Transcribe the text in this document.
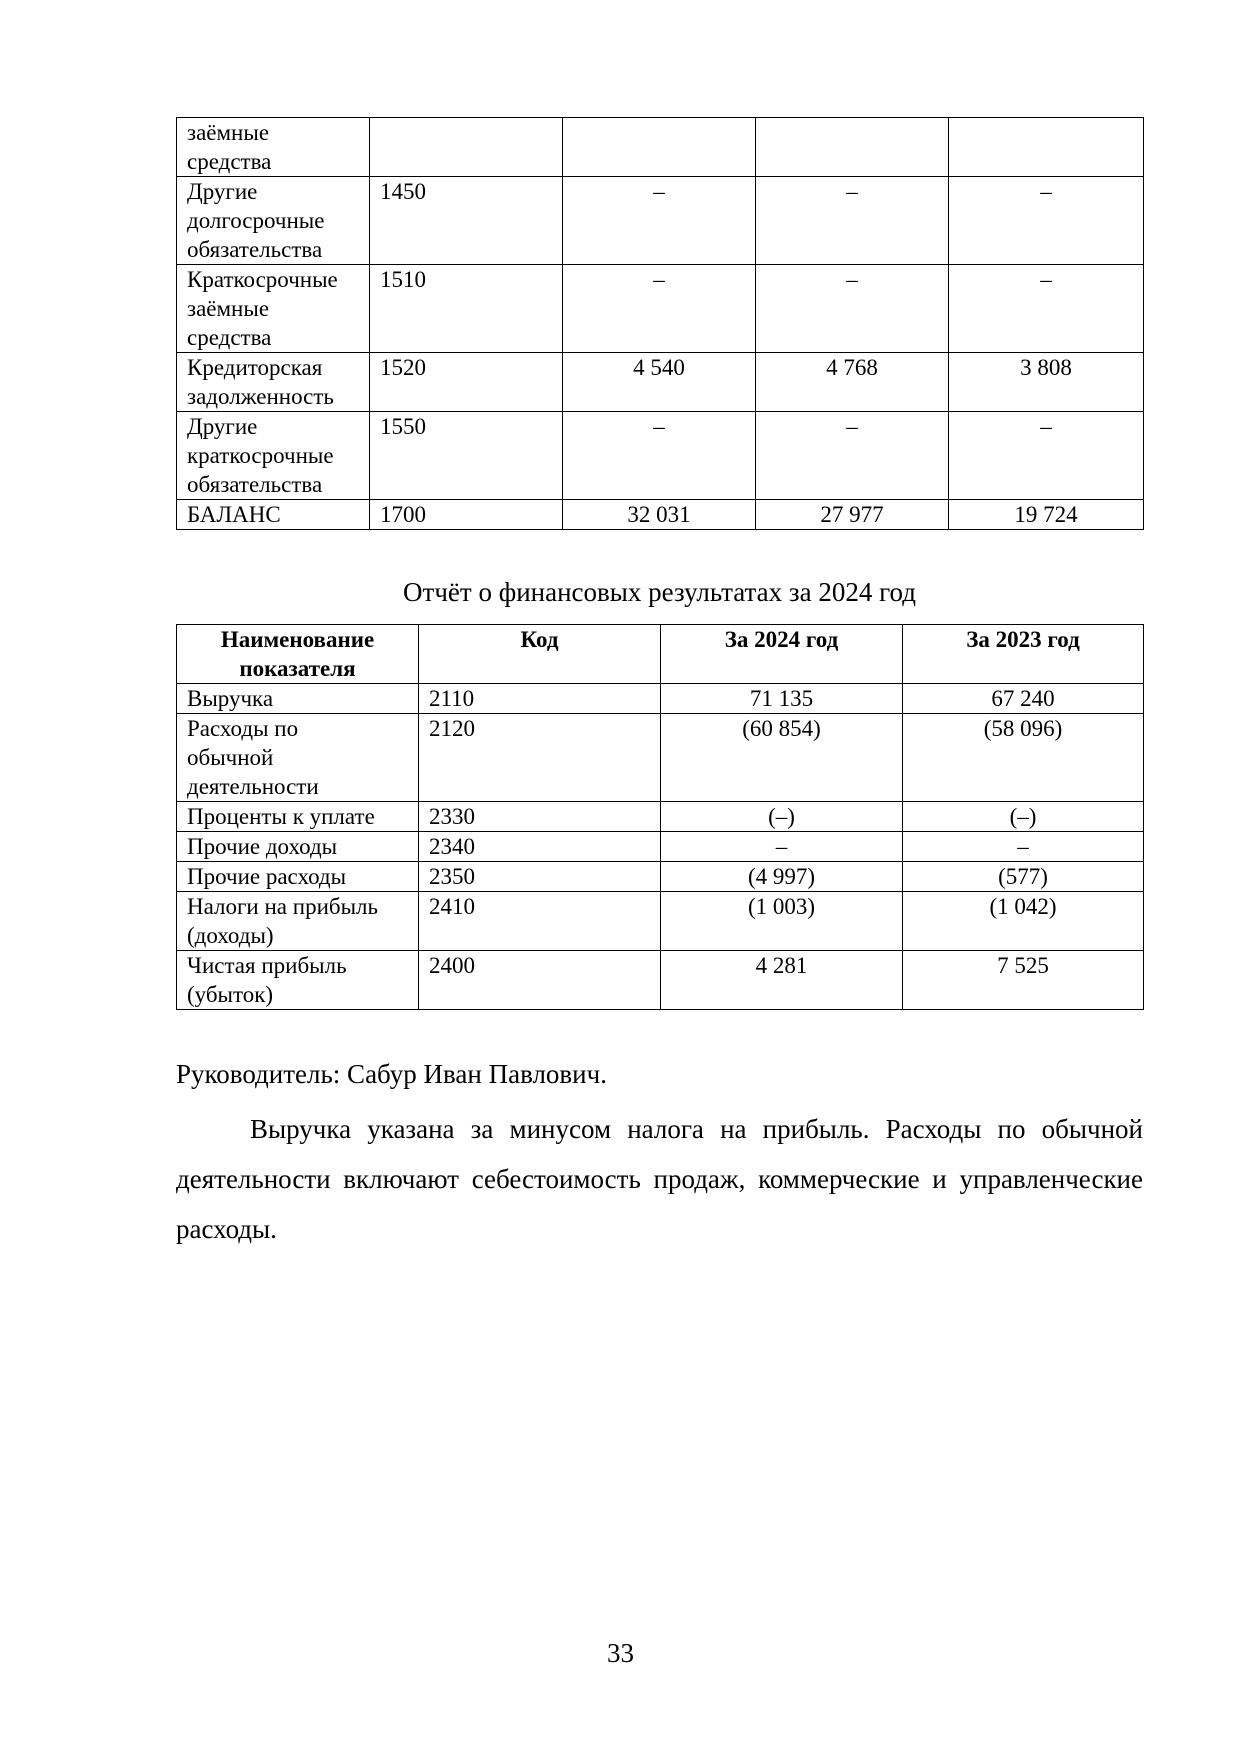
заёмные
средства				
Другие
долгосрочные
обязательства	1450	–	–	–
Краткосрочные
заёмные
средства	1510	–	–	–
Кредиторская
задолженность	1520	4 540	4 768	3 808
Другие
краткосрочные
обязательства	1550	–	–	–
БАЛАНС	1700	32 031	27 977	19 724
Отчёт о финансовых результатах за 2024 год
Наименование показателя	Код	За 2024 год	За 2023 год
Выручка	2110	71 135	67 240
Расходы по
обычной
деятельности	2120	(60 854)	(58 096)
Проценты к уплате	2330	(–)	(–)
Прочие доходы	2340	–	–
Прочие расходы	2350	(4 997)	(577)
Налоги на прибыль
(доходы)	2410	(1 003)	(1 042)
Чистая прибыль
(убыток)	2400	4 281	7 525
Руководитель: Сабур Иван Павлович.

Выручка указана за минусом налога на прибыль. Расходы по обычной деятельности включают себестоимость продаж, коммерческие и управленческие расходы.

33
